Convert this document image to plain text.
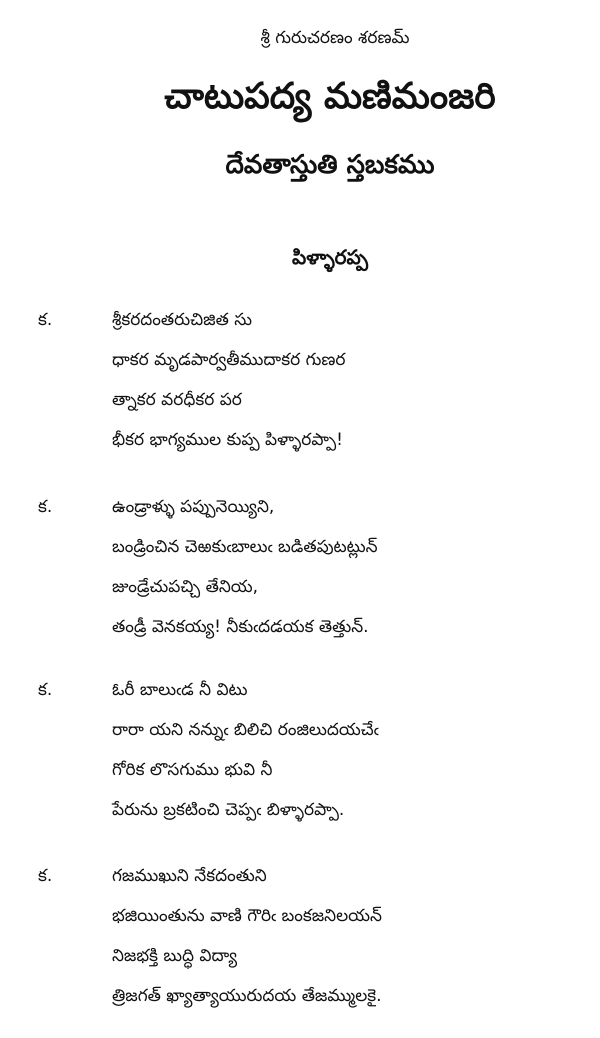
శ్రీ గురుచరణం శరణమ్
చాటుపద్య మణిమంజరి
దేవతాస్తుతి స్తబకము
పిళ్ళారప్ప
క.	శ్రీకరదంతరుచిజిత సు
ధాకర మృడపార్వతీముదాకర గుణర
త్నాకర వరధీకర పర
భీకర భాగ్యముల కుప్ప పిళ్ళారప్పా!
క.	ఉండ్రాళ్ళు పప్పునెయ్యిని,
బండ్రించిన చెఱకుఁబాలుఁ బడితపుటట్లున్
జుండ్రేచుపచ్చి తేనియ,
తండ్రీ వెనకయ్య! నీకుఁదడయక తెత్తున్.
క.	ఓరీ బాలుఁడ నీ విటు
రారా యని నన్నుఁ బిలిచి రంజిలుదయచేఁ
గోరిక లొసగుము భువి నీ
పేరును బ్రకటించి చెప్పఁ బిళ్ళారప్పా.
క.	గజముఖుని నేకదంతుని
భజియింతును వాణి గౌరిఁ బంకజనిలయన్
నిజభక్తి బుద్ధి విద్యా
త్రిజగత్ ఖ్యాత్యాయురుదయ తేజమ్ములకై.
